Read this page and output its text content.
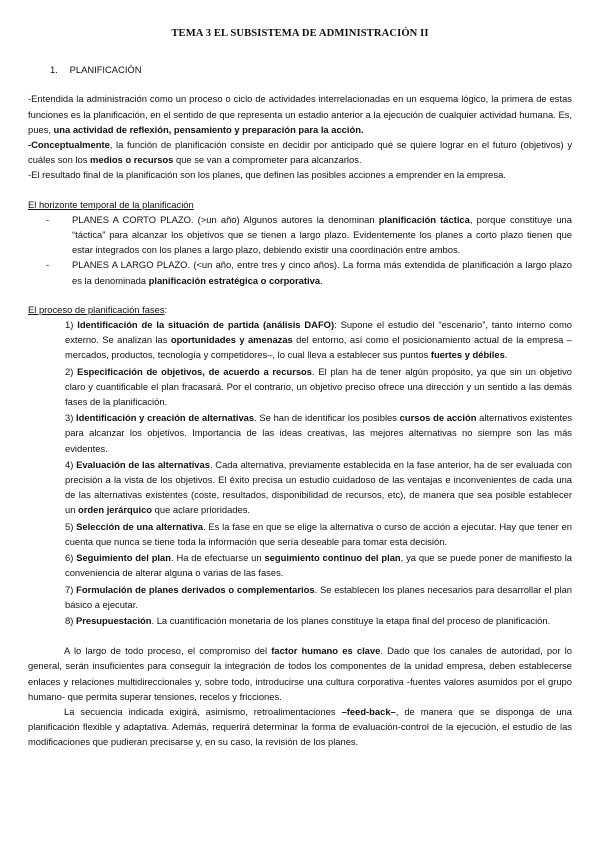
TEMA 3 EL SUBSISTEMA DE ADMINISTRACIÓN II
1. PLANIFICACIÓN

-Entendida la administración como un proceso o ciclo de actividades interrelacionadas en un esquema lógico, la primera de estas funciones es la planificación, en el sentido de que representa un estadio anterior a la ejecución de cualquier actividad humana. Es, pues, una actividad de reflexión, pensamiento y preparación para la acción.

-Conceptualmente, la función de planificación consiste en decidir por anticipado qué se quiere lograr en el futuro (objetivos) y cuáles son los medios o recursos que se van a comprometer para alcanzarlos.

-El resultado final de la planificación son los planes, que definen las posibles acciones a emprender en la empresa.

El horizonte temporal de la planificación

- PLANES A CORTO PLAZO. (>un año) Algunos autores la denominan planificación táctica, porque constituye una “táctica” para alcanzar los objetivos que se tienen a largo plazo. Evidentemente los planes a corto plazo tienen que estar integrados con los planes a largo plazo, debiendo existir una coordinación entre ambos.
- PLANES A LARGO PLAZO. (<un año, entre tres y cinco años). La forma más extendida de planificación a largo plazo es la denominada planificación estratégica o corporativa.

El proceso de planificación fases:

1) Identificación de la situación de partida (análisis DAFO): Supone el estudio del “escenario”, tanto interno como externo. Se analizan las oportunidades y amenazas del entorno, así como el posicionamiento actual de la empresa –mercados, productos, tecnología y competidores–, lo cual lleva a establecer sus puntos fuertes y débiles.

2) Especificación de objetivos, de acuerdo a recursos. El plan ha de tener algún propósito, ya que sin un objetivo claro y cuantificable el plan fracasará. Por el contrario, un objetivo preciso ofrece una dirección y un sentido a las demás fases de la planificación.

3) Identificación y creación de alternativas. Se han de identificar los posibles cursos de acción alternativos existentes para alcanzar los objetivos. Importancia de las ideas creativas, las mejores alternativas no siempre son las más evidentes.

4) Evaluación de las alternativas. Cada alternativa, previamente establecida en la fase anterior, ha de ser evaluada con precisión a la vista de los objetivos. El éxito precisa un estudio cuidadoso de las ventajas e inconvenientes de cada una de las alternativas existentes (coste, resultados, disponibilidad de recursos, etc), de manera que sea posible establecer un orden jerárquico que aclare prioridades.

5) Selección de una alternativa. Es la fase en que se elige la alternativa o curso de acción a ejecutar. Hay que tener en cuenta que nunca se tiene toda la información que sería deseable para tomar esta decisión.

6) Seguimiento del plan. Ha de efectuarse un seguimiento continuo del plan, ya que se puede poner de manifiesto la conveniencia de alterar alguna o varias de las fases.

7) Formulación de planes derivados o complementarios. Se establecen los planes necesarios para desarrollar el plan básico a ejecutar.

8) Presupuestación. La cuantificación monetaria de los planes constituye la etapa final del proceso de planificación.

A lo largo de todo proceso, el compromiso del factor humano es clave. Dado que los canales de autoridad, por lo general, serán insuficientes para conseguir la integración de todos los componentes de la unidad empresa, deben establecerse enlaces y relaciones multidireccionales y, sobre todo, introducirse una cultura corporativa -fuentes valores asumidos por el grupo humano- que permita superar tensiones, recelos y fricciones.

La secuencia indicada exigirá, asimismo, retroalimentaciones –feed-back–, de manera que se disponga de una planificación flexible y adaptativa. Además, requerirá determinar la forma de evaluación-control de la ejecución, el estudio de las modificaciones que pudieran precisarse y, en su caso, la revisión de los planes.
